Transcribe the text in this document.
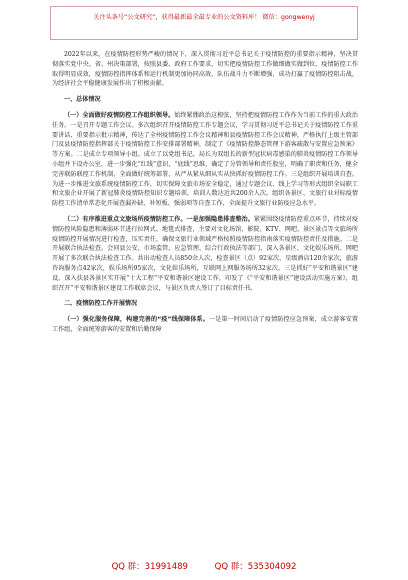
关注头条号“公文研究”，获得最新最全最专业的公文资料库！ 微信：gongwenyj

2022年以来，在疫情防控形势严峻的情况下，深入贯彻习近平总书记关于疫情防控的重要指示精神，坚决贯彻落实党中央、省、州决策部署，按照县委、政府工作要求，切实把疫情防控工作做细做实做到位，疫情防控工作取得明显成效，疫情防控指挥体系和运行机制更加协同高效，队伍战斗力不断增强，成功打赢了疫情防控阻击战，为经济社会平稳健康发展作出了积极贡献。

一、总体情况

（一）全面做好疫情防控工作组织领导。始终紧绷政治这根弦，坚持把疫情防控工作作为当前工作的重大政治任务。一是召开专题工作会议。多次组织召开疫情防控工作专题会议，学习贯彻习近平总书记关于疫情防控工作重要讲话、重要指示批示精神，传达了全州疫情防控工作会议精神和县疫情防控工作会议精神，严格执行上级主管部门及县疫情防控指挥部关于疫情防控工作安排部署精神，制定了《疫情防控静态管理下游客疏散与安置应急预案》等方案。二是成立专项领导小组。成立了以党组书记、局长为双组长的新型冠状病毒感染的肺炎疫情防控工作领导小组并下设办公室，进一步强化“红线”意识、“底线”思维，确定了分管领导和责任股室，明确了职责和任务，健全完善联防联控工作机制，全面做好统筹部署，从严从紧从细从实从快抓好疫情防控工作。三是组织开展培训自查。为进一步推进文旅系统疫情防控工作，切实保障文旅市场安全稳定，通过专题会议、线上学习等形式组织全局职工和文旅企业开展了新冠肺炎疫情防控知识专题培训，培训人数达近共200余人次。组织各景区、文旅行业对标疫情防控工作清单常态化开展查漏补缺、补短板、强弱项等自查工作，全面提升文旅行业防疫应急水平。

（二）有序推进重点文旅场所疫情防控工作。一是加强隐患排查整治。紧紧围绕疫情防控重点环节，持续对疫情防控风险隐患和薄弱环节进行拉网式、地毯式排查，主要对文化场馆、影院、KTV、网吧、景区景点等文旅场所疫情防控开展情况进行检查，压实责任，确保文旅行业领域严格按照疫情防控指南落实疫情防控责任及措施。二是开展联合执法检查。会同县公安、市场监管、应急管理、综合行政执法等部门，深入各景区、文化娱乐场所、网吧开展了多次联合执法检查工作。共出动检查人员850余人次，检查景区（点）92家次、星级酒店120余家次，旅游咨询服务点42家次，娱乐场所95家次，文化娱乐场所，互联网上网服务场所32家次。三是抓好“平安和谐景区”建设。深入扶县各景区实开展“十大工程”平安和谐景区建设工作，印发了《“平安和谐景区”建设活动实施方案》，组织召开“平安和谐景区建设工作联席会议，与景区负责人签订了目标责任书。

二、疫情防控工作开展情况

（一）强化服务保障，构建完善的“疫”线保障体系。一是第一时间启动了疫情防控应急预案，成立游客安置工作组，全面统筹游客的安置和后勤保障

QQ 群：31991489	QQ 群：535304092
